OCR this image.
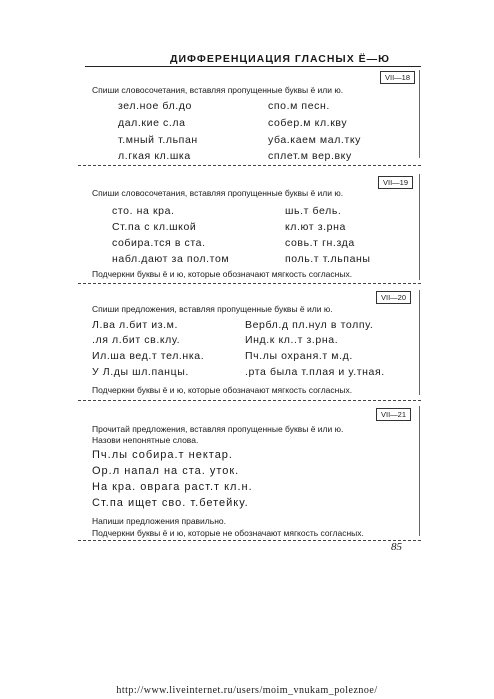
ДИФФЕРЕНЦИАЦИЯ ГЛАСНЫХ Ё—Ю
VII—18
Спиши словосочетания, вставляя пропущенные буквы ё или ю.
зел.ное бл.до	спо.м песн.
дал.кие с.ла	собер.м кл.кву
т.мный т.льпан	уба.каем мал.тку
л.гкая кл.шка	сплет.м вер.вку
VII—19
Спиши словосочетания, вставляя пропущенные буквы ё или ю.
сто. на кра.	шь.т бель.
Ст.па с кл.шкой	кл.ют з.рна
собира.тся в ста.	совь.т гн.зда
набл.дают за пол.том	поль.т т.льпаны
Подчеркни буквы ё и ю, которые обозначают мягкость согласных.
VII—20
Спиши предложения, вставляя пропущенные буквы ё или ю.
Л.ва л.бит из.м.	Вербл.д пл.нул в толпу.
.ля л.бит св.клу.	Инд.к кл..т з.рна.
Ил.ша вед.т тел.нка.	Пч.лы охраня.т м.д.
У Л.ды шл.панцы.	.рта была т.плая и у.тная.
Подчеркни буквы ё и ю, которые обозначают мягкость согласных.
VII—21
Прочитай предложения, вставляя пропущенные буквы ё или ю.
Назови непонятные слова.
Пч.лы собира.т нектар.
Ор.л напал на ста. уток.
На кра. оврага раст.т кл.н.
Ст.па ищет сво. т.бетейку.
Напиши предложения правильно.
Подчеркни буквы ё и ю, которые не обозначают мягкость согласных.
85
http://www.liveinternet.ru/users/moim_vnukam_poleznoe/
